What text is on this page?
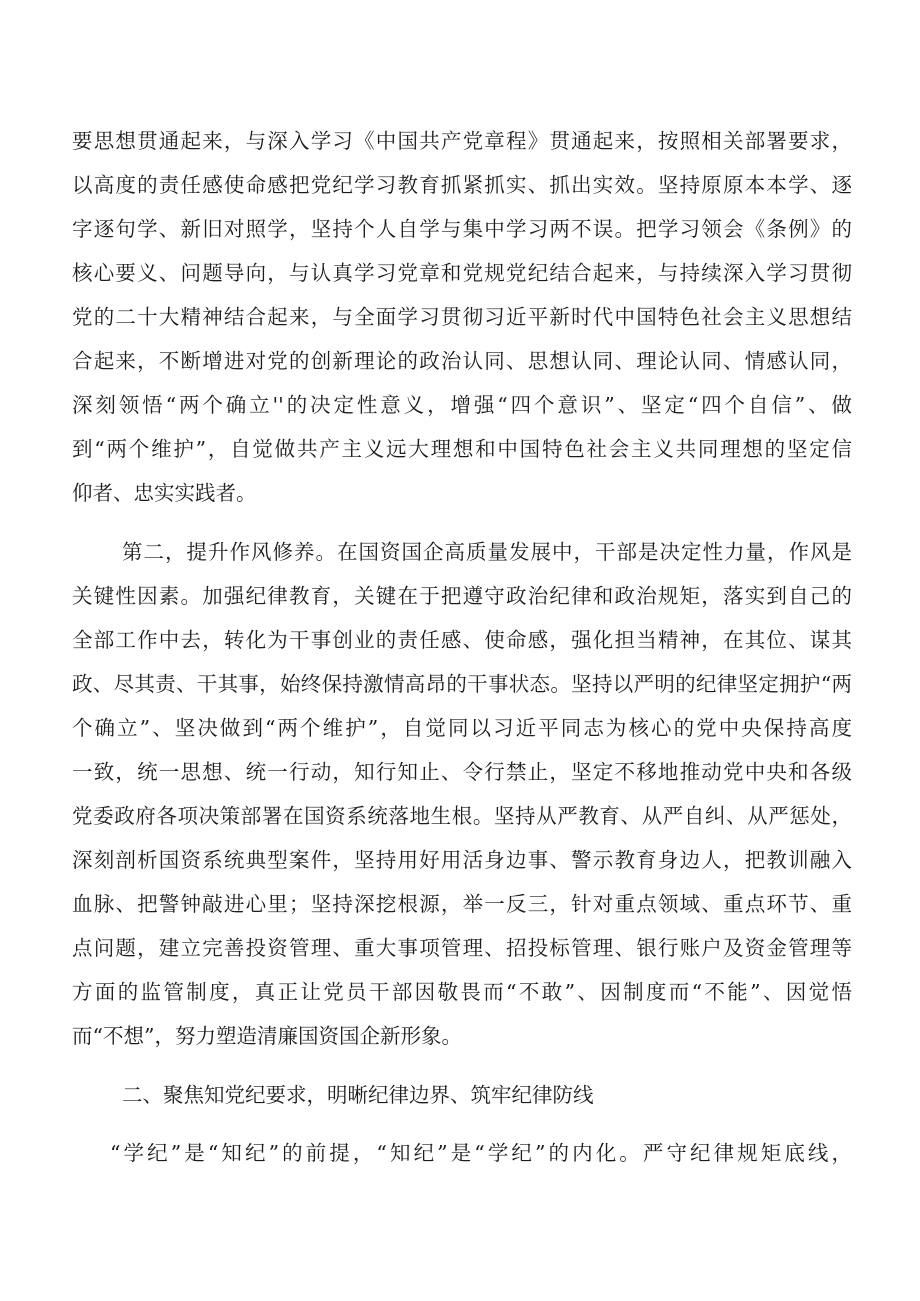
要思想贯通起来，与深入学习《中国共产党章程》贯通起来，按照相关部署要求，
以高度的责任感使命感把党纪学习教育抓紧抓实、抓出实效。坚持原原本本学、逐
字逐句学、新旧对照学，坚持个人自学与集中学习两不误。把学习领会《条例》的
核心要义、问题导向，与认真学习党章和党规党纪结合起来，与持续深入学习贯彻
党的二十大精神结合起来，与全面学习贯彻习近平新时代中国特色社会主义思想结
合起来，不断增进对党的创新理论的政治认同、思想认同、理论认同、情感认同，
深刻领悟“两个确立''的决定性意义，增强“四个意识”、坚定“四个自信”、做
到“两个维护”，自觉做共产主义远大理想和中国特色社会主义共同理想的坚定信
仰者、忠实实践者。
第二，提升作风修养。在国资国企高质量发展中，干部是决定性力量，作风是
关键性因素。加强纪律教育，关键在于把遵守政治纪律和政治规矩，落实到自己的
全部工作中去，转化为干事创业的责任感、使命感，强化担当精神，在其位、谋其
政、尽其责、干其事，始终保持激情高昂的干事状态。坚持以严明的纪律坚定拥护“两
个确立”、坚决做到“两个维护”，自觉同以习近平同志为核心的党中央保持高度
一致，统一思想、统一行动，知行知止、令行禁止，坚定不移地推动党中央和各级
党委政府各项决策部署在国资系统落地生根。坚持从严教育、从严自纠、从严惩处，
深刻剖析国资系统典型案件，坚持用好用活身边事、警示教育身边人，把教训融入
血脉、把警钟敲进心里；坚持深挖根源，举一反三，针对重点领域、重点环节、重
点问题，建立完善投资管理、重大事项管理、招投标管理、银行账户及资金管理等
方面的监管制度，真正让党员干部因敬畏而“不敢”、因制度而“不能”、因觉悟
而“不想”，努力塑造清廉国资国企新形象。
二、聚焦知党纪要求，明晰纪律边界、筑牢纪律防线
“学纪”是“知纪”的前提，“知纪”是“学纪”的内化。严守纪律规矩底线，
